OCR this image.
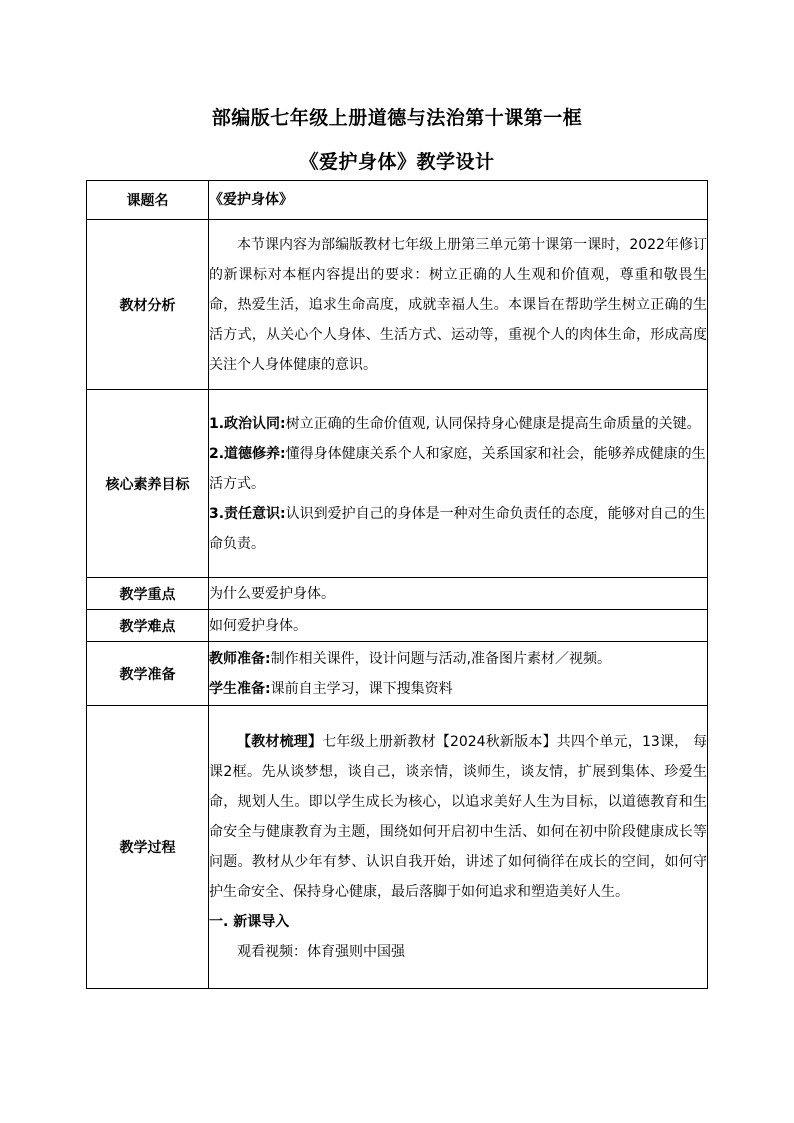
部编版七年级上册道德与法治第十课第一框
《爱护身体》教学设计
课题名	《爱护身体》
教材分析	本节课内容为部编版教材七年级上册第三单元第十课第一课时，2022年修订的新课标对本框内容提出的要求：树立正确的人生观和价值观，尊重和敬畏生命，热爱生活，追求生命高度，成就幸福人生。本课旨在帮助学生树立正确的生活方式，从关心个人身体、生活方式、运动等，重视个人的肉体生命，形成高度关注个人身体健康的意识。

核心素养目标	1.政治认同:树立正确的生命价值观, 认同保持身心健康是提高生命质量的关键。

2.道德修养:懂得身体健康关系个人和家庭，关系国家和社会，能够养成健康的生活方式。

3.责任意识:认识到爱护自己的身体是一种对生命负责任的态度，能够对自己的生命负责。

教学重点	为什么要爱护身体。
教学难点	如何爱护身体。
教学准备	教师准备:制作相关课件，设计问题与活动,准备图片素材／视频。

学生准备:课前自主学习，课下搜集资料

教学过程	【教材梳理】七年级上册新教材【2024秋新版本】共四个单元，13课， 每课2框。先从谈梦想，谈自己，谈亲情，谈师生，谈友情，扩展到集体、珍爱生命，规划人生。即以学生成长为核心，以追求美好人生为目标，以道德教育和生命安全与健康教育为主题，围绕如何开启初中生活、如何在初中阶段健康成长等问题。教材从少年有梦、认识自我开始，讲述了如何徜徉在成长的空间，如何守护生命安全、保持身心健康，最后落脚于如何追求和塑造美好人生。

一. 新课导入

观看视频：体育强则中国强
